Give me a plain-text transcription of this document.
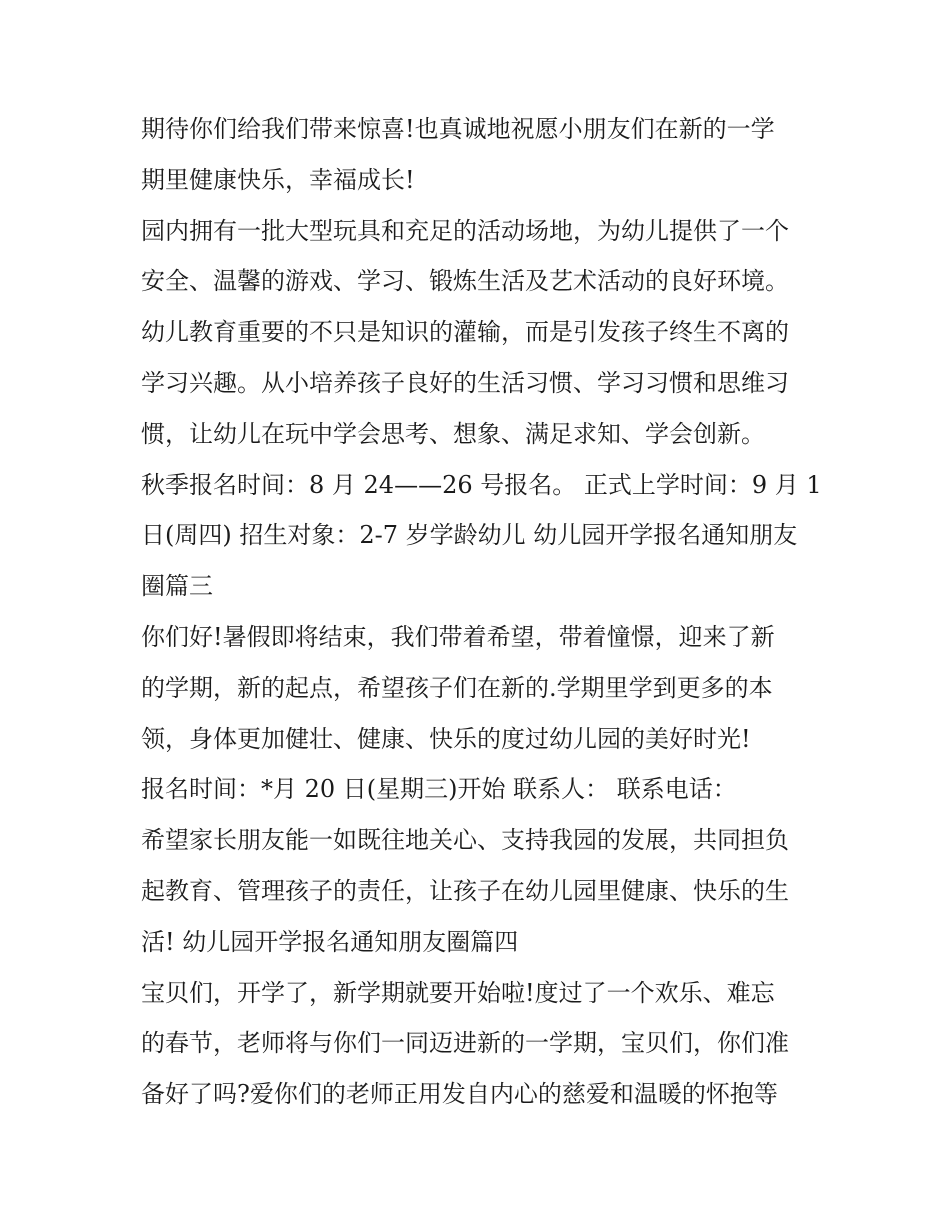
期待你们给我们带来惊喜!也真诚地祝愿小朋友们在新的一学
期里健康快乐，幸福成长!
园内拥有一批大型玩具和充足的活动场地，为幼儿提供了一个
安全、温馨的游戏、学习、锻炼生活及艺术活动的良好环境。
幼儿教育重要的不只是知识的灌输，而是引发孩子终生不离的
学习兴趣。从小培养孩子良好的生活习惯、学习习惯和思维习
惯，让幼儿在玩中学会思考、想象、满足求知、学会创新。
秋季报名时间：8 月 24——26 号报名。 正式上学时间：9 月 1
日(周四) 招生对象：2-7 岁学龄幼儿 幼儿园开学报名通知朋友
圈篇三
你们好!暑假即将结束，我们带着希望，带着憧憬，迎来了新
的学期，新的起点，希望孩子们在新的.学期里学到更多的本
领，身体更加健壮、健康、快乐的度过幼儿园的美好时光!
报名时间：*月 20 日(星期三)开始 联系人： 联系电话：
希望家长朋友能一如既往地关心、支持我园的发展，共同担负
起教育、管理孩子的责任，让孩子在幼儿园里健康、快乐的生
活! 幼儿园开学报名通知朋友圈篇四
宝贝们，开学了，新学期就要开始啦!度过了一个欢乐、难忘
的春节，老师将与你们一同迈进新的一学期，宝贝们，你们准
备好了吗?爱你们的老师正用发自内心的慈爱和温暖的怀抱等
